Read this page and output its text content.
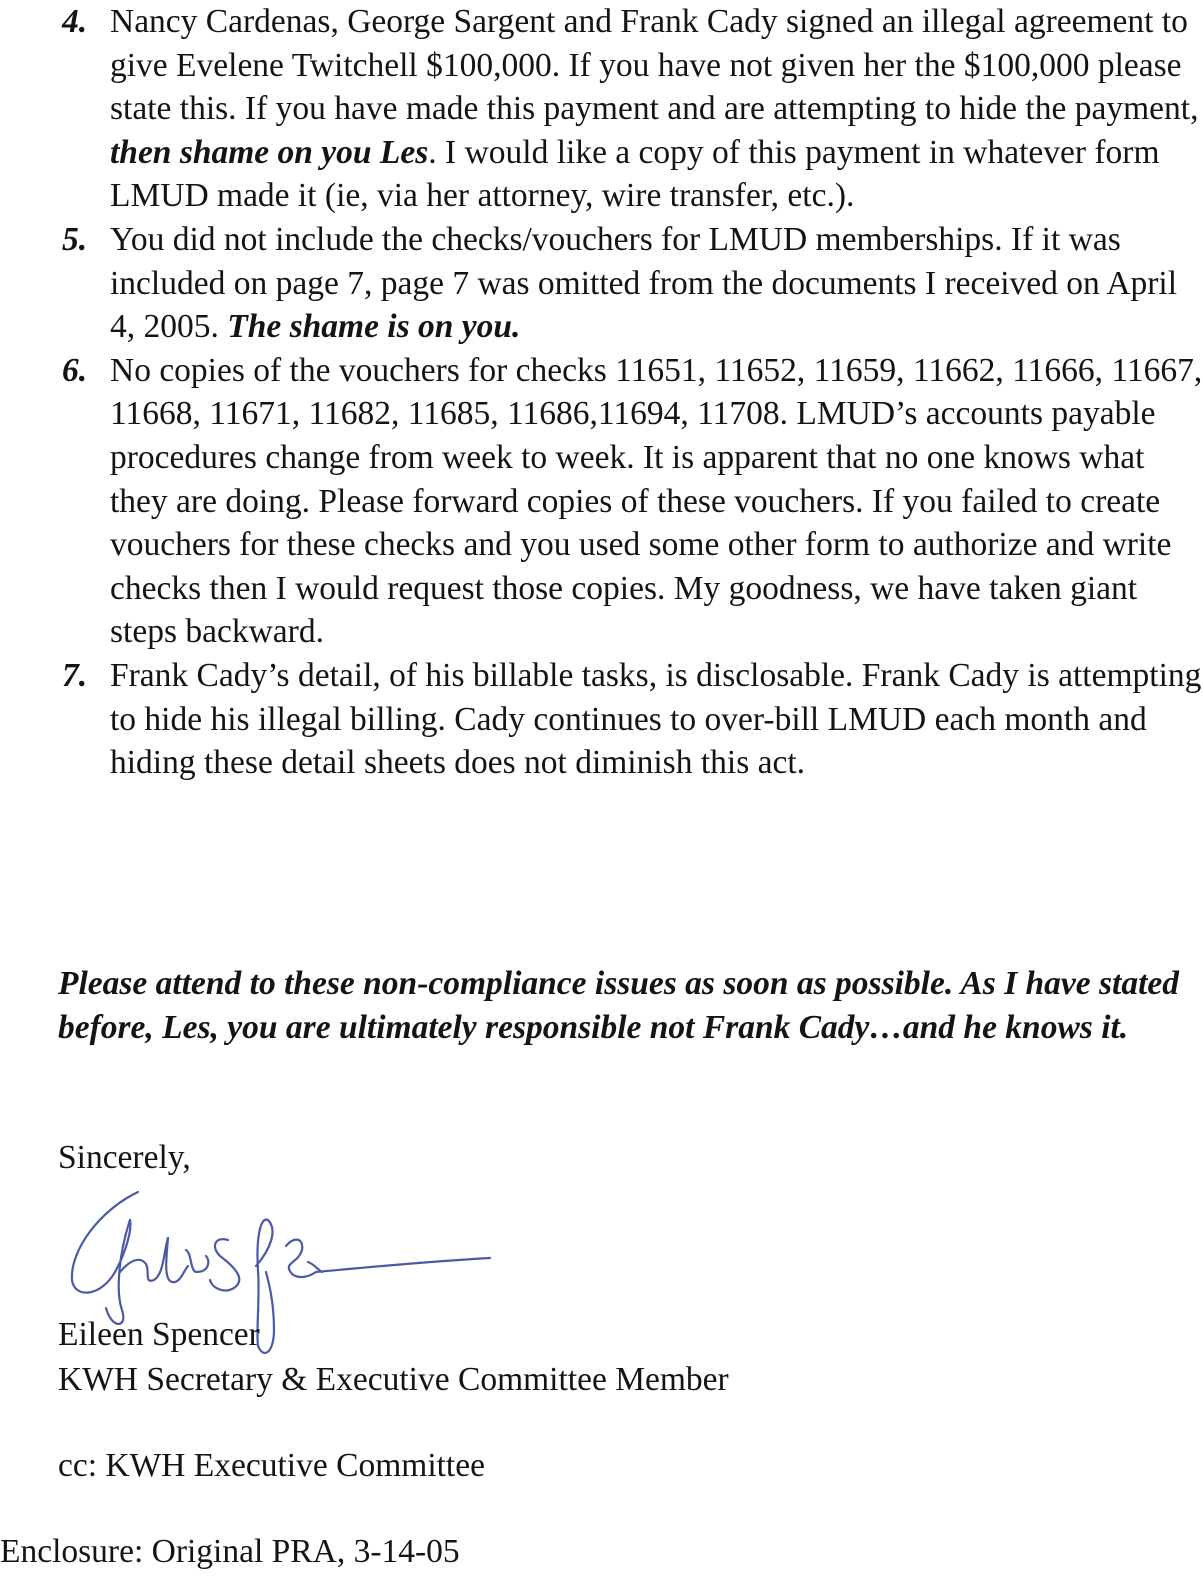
4. Nancy Cardenas, George Sargent and Frank Cady signed an illegal agreement to give Evelene Twitchell $100,000. If you have not given her the $100,000 please state this. If you have made this payment and are attempting to hide the payment, then shame on you Les. I would like a copy of this payment in whatever form LMUD made it (ie, via her attorney, wire transfer, etc.).
5. You did not include the checks/vouchers for LMUD memberships. If it was included on page 7, page 7 was omitted from the documents I received on April 4, 2005. The shame is on you.
6. No copies of the vouchers for checks 11651, 11652, 11659, 11662, 11666, 11667, 11668, 11671, 11682, 11685, 11686,11694, 11708. LMUD’s accounts payable procedures change from week to week. It is apparent that no one knows what they are doing. Please forward copies of these vouchers. If you failed to create vouchers for these checks and you used some other form to authorize and write checks then I would request those copies. My goodness, we have taken giant steps backward.
7. Frank Cady’s detail, of his billable tasks, is disclosable. Frank Cady is attempting to hide his illegal billing. Cady continues to over-bill LMUD each month and hiding these detail sheets does not diminish this act.

Please attend to these non-compliance issues as soon as possible. As I have stated before, Les, you are ultimately responsible not Frank Cady…and he knows it.

Sincerely,

Eileen Spencer

KWH Secretary & Executive Committee Member

cc: KWH Executive Committee

Enclosure: Original PRA, 3-14-05
